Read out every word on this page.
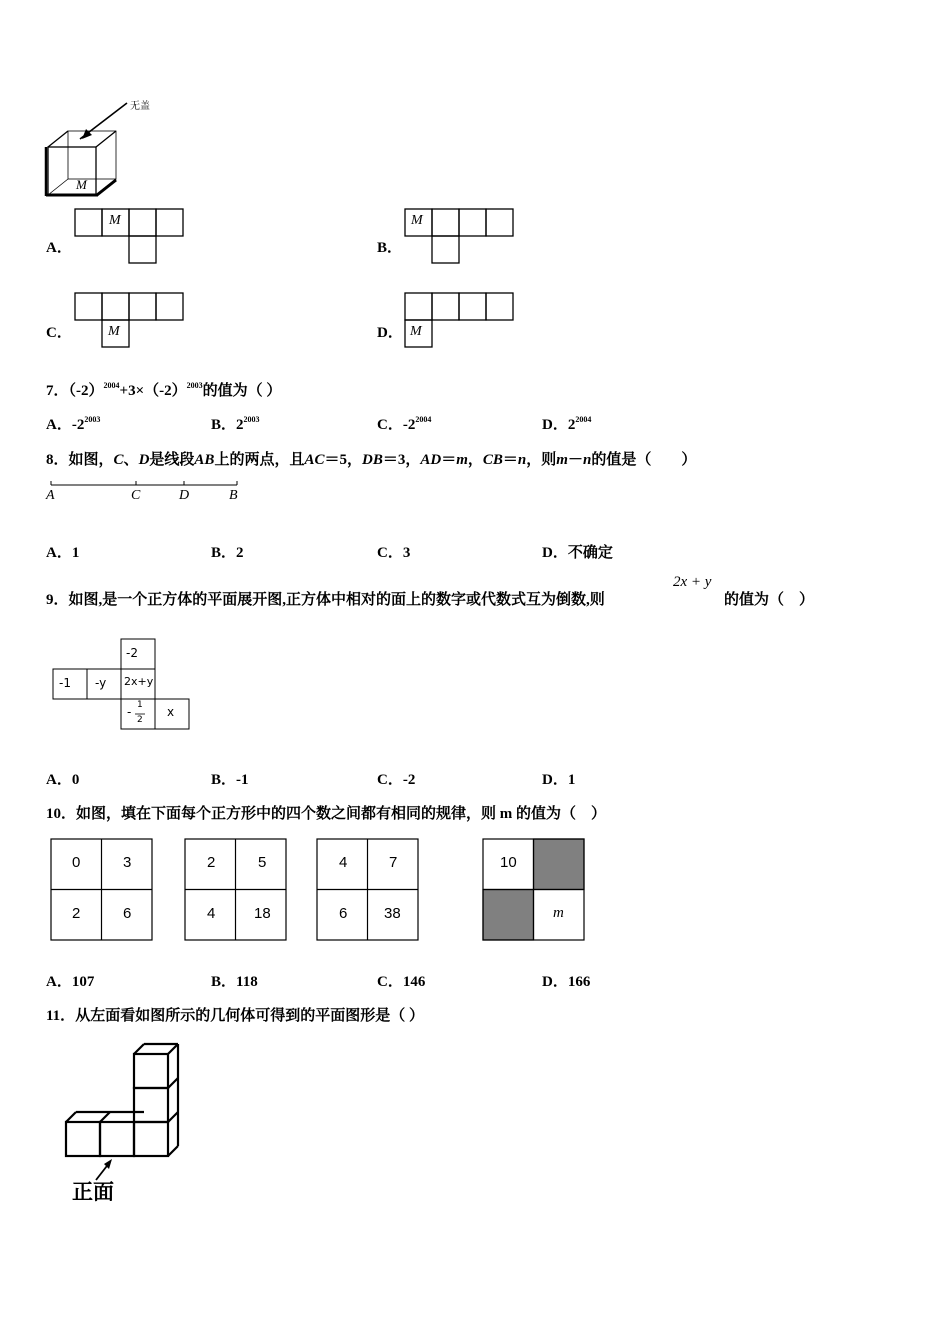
无盖
M
A．
M
B．
M
C．	M	D． M
7．$(-2)^{2004}+3\times(-2)^{2003}$的值为（ ）
A．$-2^{2003}$	B．$2^{2003}$	C．$-2^{2004}$	D．$2^{2004}$
8．如图，C、D是线段AB上的两点，且AC＝5，DB＝3，AD＝m，CB＝n，则m－n的值是（　　）
A	C	D	B
A．1	B．2	C．3	D．不确定
9．如图,是一个正方体的平面展开图,正方体中相对的面上的数字或代数式互为倒数,则
2x + y
的值为（　）
-2
-1 -y 2x+y
- 1
2
x
A．0	B．-1	C．-2	D．1
10．如图，填在下面每个正方形中的四个数之间都有相同的规律，则 m 的值为（　）
0	3
2	6
2	5
4	18
4	7
6 38
10
m
A．107	B．118	C．146	D．166
11．从左面看如图所示的几何体可得到的平面图形是（ ）
正面
